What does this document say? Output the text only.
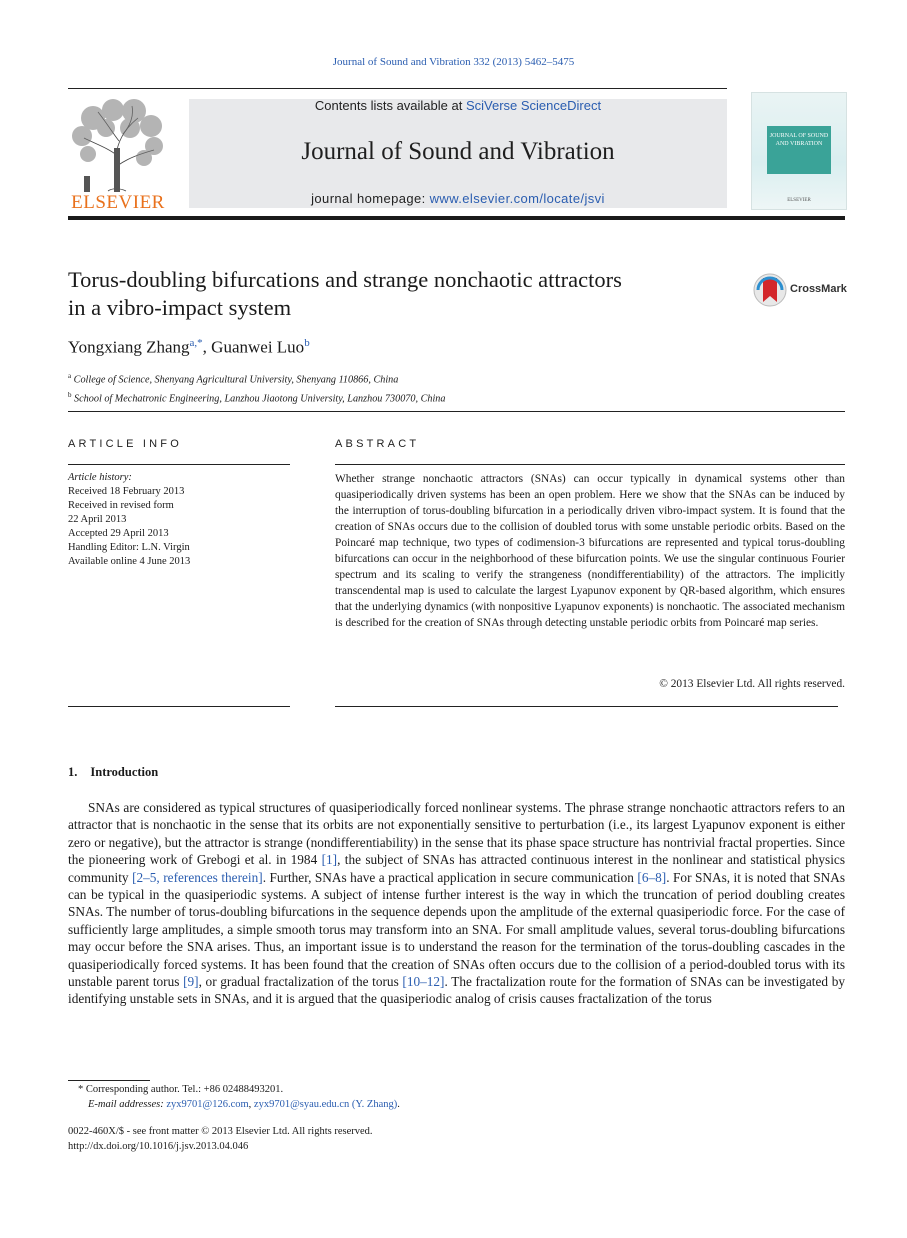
Journal of Sound and Vibration 332 (2013) 5462–5475
ELSEVIER
Contents lists available at SciVerse ScienceDirect
Journal of Sound and Vibration
journal homepage: www.elsevier.com/locate/jsvi
JOURNAL OF SOUND AND VIBRATION
ELSEVIER
Torus-doubling bifurcations and strange nonchaotic attractors
in a vibro-impact system
CrossMark
Yongxiang Zhang$^{a,*}$, Guanwei Luo$^b$
$^a$ College of Science, Shenyang Agricultural University, Shenyang 110866, China
$^b$ School of Mechatronic Engineering, Lanzhou Jiaotong University, Lanzhou 730070, China
ARTICLE INFO
Article history:
Received 18 February 2013
Received in revised form
22 April 2013
Accepted 29 April 2013
Handling Editor: L.N. Virgin
Available online 4 June 2013
ABSTRACT
Whether strange nonchaotic attractors (SNAs) can occur typically in dynamical systems other than quasiperiodically driven systems has been an open problem. Here we show that the SNAs can be induced by the interruption of torus-doubling bifurcation in a periodically driven vibro-impact system. It is found that the creation of SNAs occurs due to the collision of doubled torus with some unstable periodic orbits. Based on the Poincaré map technique, two types of codimension-3 bifurcations are represented and typical torus-doubling bifurcations can occur in the neighborhood of these bifurcation points. We use the singular continuous Fourier spectrum and its scaling to verify the strangeness (nondifferentiability) of the attractors. The implicitly transcendental map is used to calculate the largest Lyapunov exponent by QR-based algorithm, which ensures that the underlying dynamics (with nonpositive Lyapunov exponents) is nonchaotic. The associated mechanism is described for the creation of SNAs through detecting unstable periodic orbits from Poincaré map series.
© 2013 Elsevier Ltd. All rights reserved.
1. Introduction

SNAs are considered as typical structures of quasiperiodically forced nonlinear systems. The phrase strange nonchaotic attractors refers to an attractor that is nonchaotic in the sense that its orbits are not exponentially sensitive to perturbation (i.e., its largest Lyapunov exponent is either zero or negative), but the attractor is strange (nondifferentiability) in the sense that its phase space structure has nontrivial fractal properties. Since the pioneering work of Grebogi et al. in 1984 [1], the subject of SNAs has attracted continuous interest in the nonlinear and statistical physics community [2–5, references therein]. Further, SNAs have a practical application in secure communication [6–8]. For SNAs, it is noted that SNAs can be typical in the quasiperiodic systems. A subject of intense further interest is the way in which the truncation of period doubling creates SNAs. The number of torus-doubling bifurcations in the sequence depends upon the amplitude of the external quasiperiodic force. For the case of sufficiently large amplitudes, a simple smooth torus may transform into an SNA. For small amplitude values, several torus-doubling bifurcations may occur before the SNA arises. Thus, an important issue is to understand the reason for the termination of the torus-doubling cascades in the quasiperiodically forced systems. It has been found that the creation of SNAs often occurs due to the collision of a period-doubled torus with its unstable parent torus [9], or gradual fractalization of the torus [10–12]. The fractalization route for the formation of SNAs can be investigated by identifying unstable sets in SNAs, and it is argued that the quasiperiodic analog of crisis causes fractalization of the torus

* Corresponding author. Tel.: +86 02488493201.
E-mail addresses: zyx9701@126.com, zyx9701@syau.edu.cn (Y. Zhang).
0022-460X/$ - see front matter © 2013 Elsevier Ltd. All rights reserved.
http://dx.doi.org/10.1016/j.jsv.2013.04.046
